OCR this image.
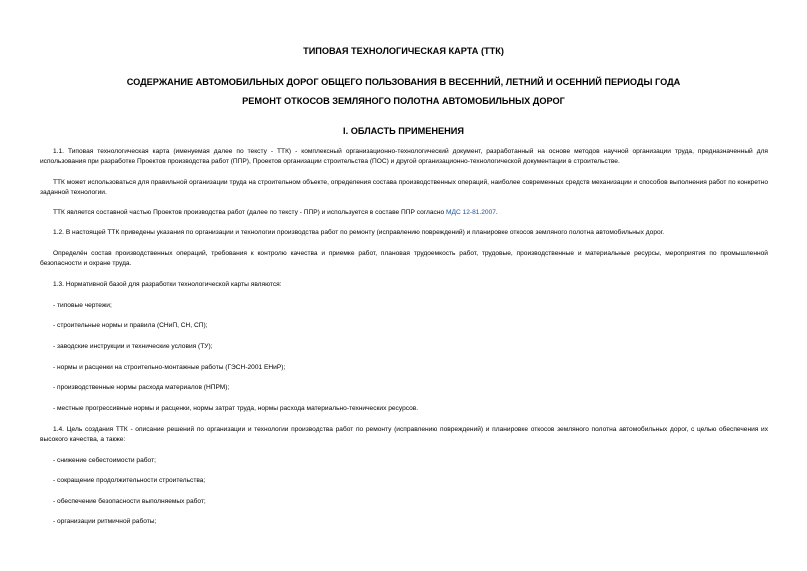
ТИПОВАЯ ТЕХНОЛОГИЧЕСКАЯ КАРТА (ТТК)
СОДЕРЖАНИЕ АВТОМОБИЛЬНЫХ ДОРОГ ОБЩЕГО ПОЛЬЗОВАНИЯ В ВЕСЕННИЙ, ЛЕТНИЙ И ОСЕННИЙ ПЕРИОДЫ ГОДА
РЕМОНТ ОТКОСОВ ЗЕМЛЯНОГО ПОЛОТНА АВТОМОБИЛЬНЫХ ДОРОГ
I. ОБЛАСТЬ ПРИМЕНЕНИЯ
1.1. Типовая технологическая карта (именуемая далее по тексту - ТТК) - комплексный организационно-технологический документ, разработанный на основе методов научной организации труда, предназначенный для использования при разработке Проектов производства работ (ППР), Проектов организации строительства (ПОС) и другой организационно-технологической документации в строительстве.
ТТК может использоваться для правильной организации труда на строительном объекте, определения состава производственных операций, наиболее современных средств механизации и способов выполнения работ по конкретно заданной технологии.
ТТК является составной частью Проектов производства работ (далее по тексту - ППР) и используется в составе ППР согласно МДС 12-81.2007.
1.2. В настоящей ТТК приведены указания по организации и технологии производства работ по ремонту (исправлению повреждений) и планировке откосов земляного полотна автомобильных дорог.
Определён состав производственных операций, требования к контролю качества и приемке работ, плановая трудоемкость работ, трудовые, производственные и материальные ресурсы, мероприятия по промышленной безопасности и охране труда.
1.3. Нормативной базой для разработки технологической карты являются:
- типовые чертежи;
- строительные нормы и правила (СНиП, СН, СП);
- заводские инструкции и технические условия (ТУ);
- нормы и расценки на строительно-монтажные работы (ГЭСН-2001 ЕНиР);
- производственные нормы расхода материалов (НПРМ);
- местные прогрессивные нормы и расценки, нормы затрат труда, нормы расхода материально-технических ресурсов.
1.4. Цель создания ТТК - описание решений по организации и технологии производства работ по ремонту (исправлению повреждений) и планировке откосов земляного полотна автомобильных дорог, с целью обеспечения их высокого качества, а также:
- снижение себестоимости работ;
- сокращение продолжительности строительства;
- обеспечение безопасности выполняемых работ;
- организации ритмичной работы;
